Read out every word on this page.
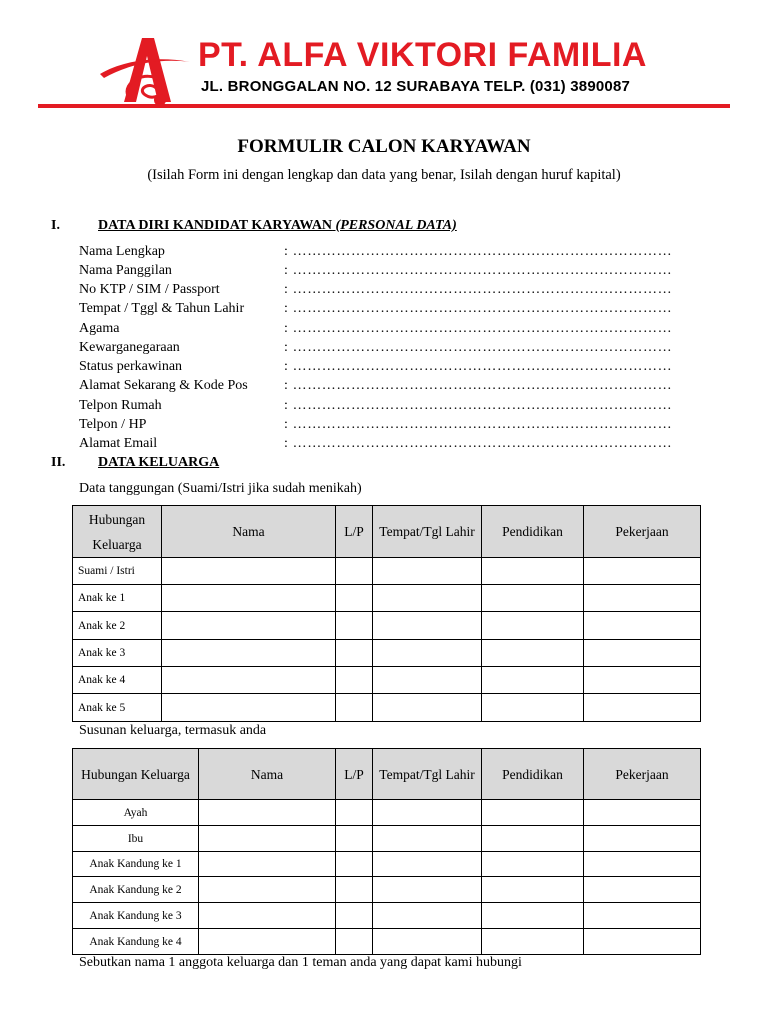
PT. ALFA VIKTORI FAMILIA
JL. BRONGGALAN NO. 12 SURABAYA TELP. (031) 3890087
FORMULIR CALON KARYAWAN
(Isilah Form ini dengan lengkap dan data yang benar, Isilah dengan huruf kapital)
I.	DATA DIRI KANDIDAT KARYAWAN (PERSONAL DATA)
Nama Lengkap	: ……………………………………………………………………
Nama Panggilan	: ……………………………………………………………………
No KTP / SIM / Passport	: ……………………………………………………………………
Tempat / Tggl & Tahun Lahir	: ……………………………………………………………………
Agama	: ……………………………………………………………………
Kewarganegaraan	: ……………………………………………………………………
Status perkawinan	: ……………………………………………………………………
Alamat Sekarang & Kode Pos	: ……………………………………………………………………
Telpon Rumah	: ……………………………………………………………………
Telpon / HP	: ……………………………………………………………………
Alamat Email	: ……………………………………………………………………
II. DATA KELUARGA
Data tanggungan (Suami/Istri jika sudah menikah)
Hubungan Keluarga	Nama	L/P	Tempat/Tgl Lahir	Pendidikan	Pekerjaan
Suami / Istri					
Anak ke 1					
Anak ke 2					
Anak ke 3					
Anak ke 4					
Anak ke 5					
Susunan keluarga, termasuk anda
Hubungan Keluarga	Nama	L/P	Tempat/Tgl Lahir	Pendidikan	Pekerjaan
Ayah					
Ibu					
Anak Kandung ke 1					
Anak Kandung ke 2					
Anak Kandung ke 3					
Anak Kandung ke 4					
Sebutkan nama 1 anggota keluarga dan 1 teman anda yang dapat kami hubungi
